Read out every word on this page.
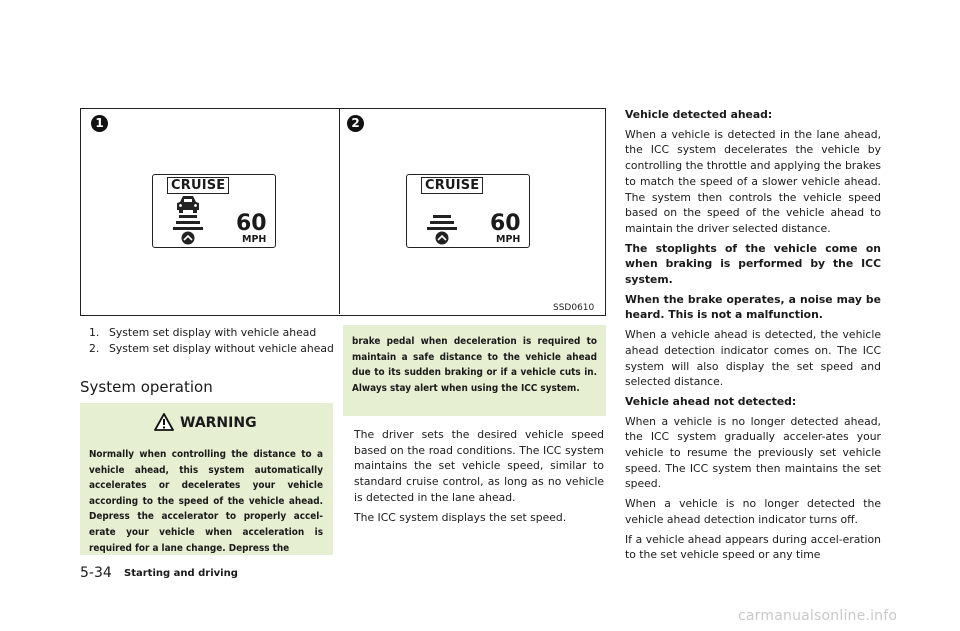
1
CRUISE
60
MPH
2
CRUISE
60
MPH
SSD0610
1. System set display with vehicle ahead
2. System set display without vehicle ahead
System operation
WARNING
Normally when controlling the distance to a vehicle ahead, this system automatically accelerates or decelerates your vehicle according to the speed of the vehicle ahead. Depress the accelerator to properly accel-erate your vehicle when acceleration is required for a lane change. Depress the
brake pedal when deceleration is required to maintain a safe distance to the vehicle ahead due to its sudden braking or if a vehicle cuts in. Always stay alert when using the ICC system.

The driver sets the desired vehicle speed based on the road conditions. The ICC system maintains the set vehicle speed, similar to standard cruise control, as long as no vehicle is detected in the lane ahead.

The ICC system displays the set speed.

Vehicle detected ahead:

When a vehicle is detected in the lane ahead, the ICC system decelerates the vehicle by controlling the throttle and applying the brakes to match the speed of a slower vehicle ahead. The system then controls the vehicle speed based on the speed of the vehicle ahead to maintain the driver selected distance.

The stoplights of the vehicle come on when braking is performed by the ICC system.

When the brake operates, a noise may be heard. This is not a malfunction.

When a vehicle ahead is detected, the vehicle ahead detection indicator comes on. The ICC system will also display the set speed and selected distance.

Vehicle ahead not detected:

When a vehicle is no longer detected ahead, the ICC system gradually acceler-ates your vehicle to resume the previously set vehicle speed. The ICC system then maintains the set speed.

When a vehicle is no longer detected the vehicle ahead detection indicator turns off.

If a vehicle ahead appears during accel-eration to the set vehicle speed or any time

5-34 Starting and driving
carmanualsonline.info
